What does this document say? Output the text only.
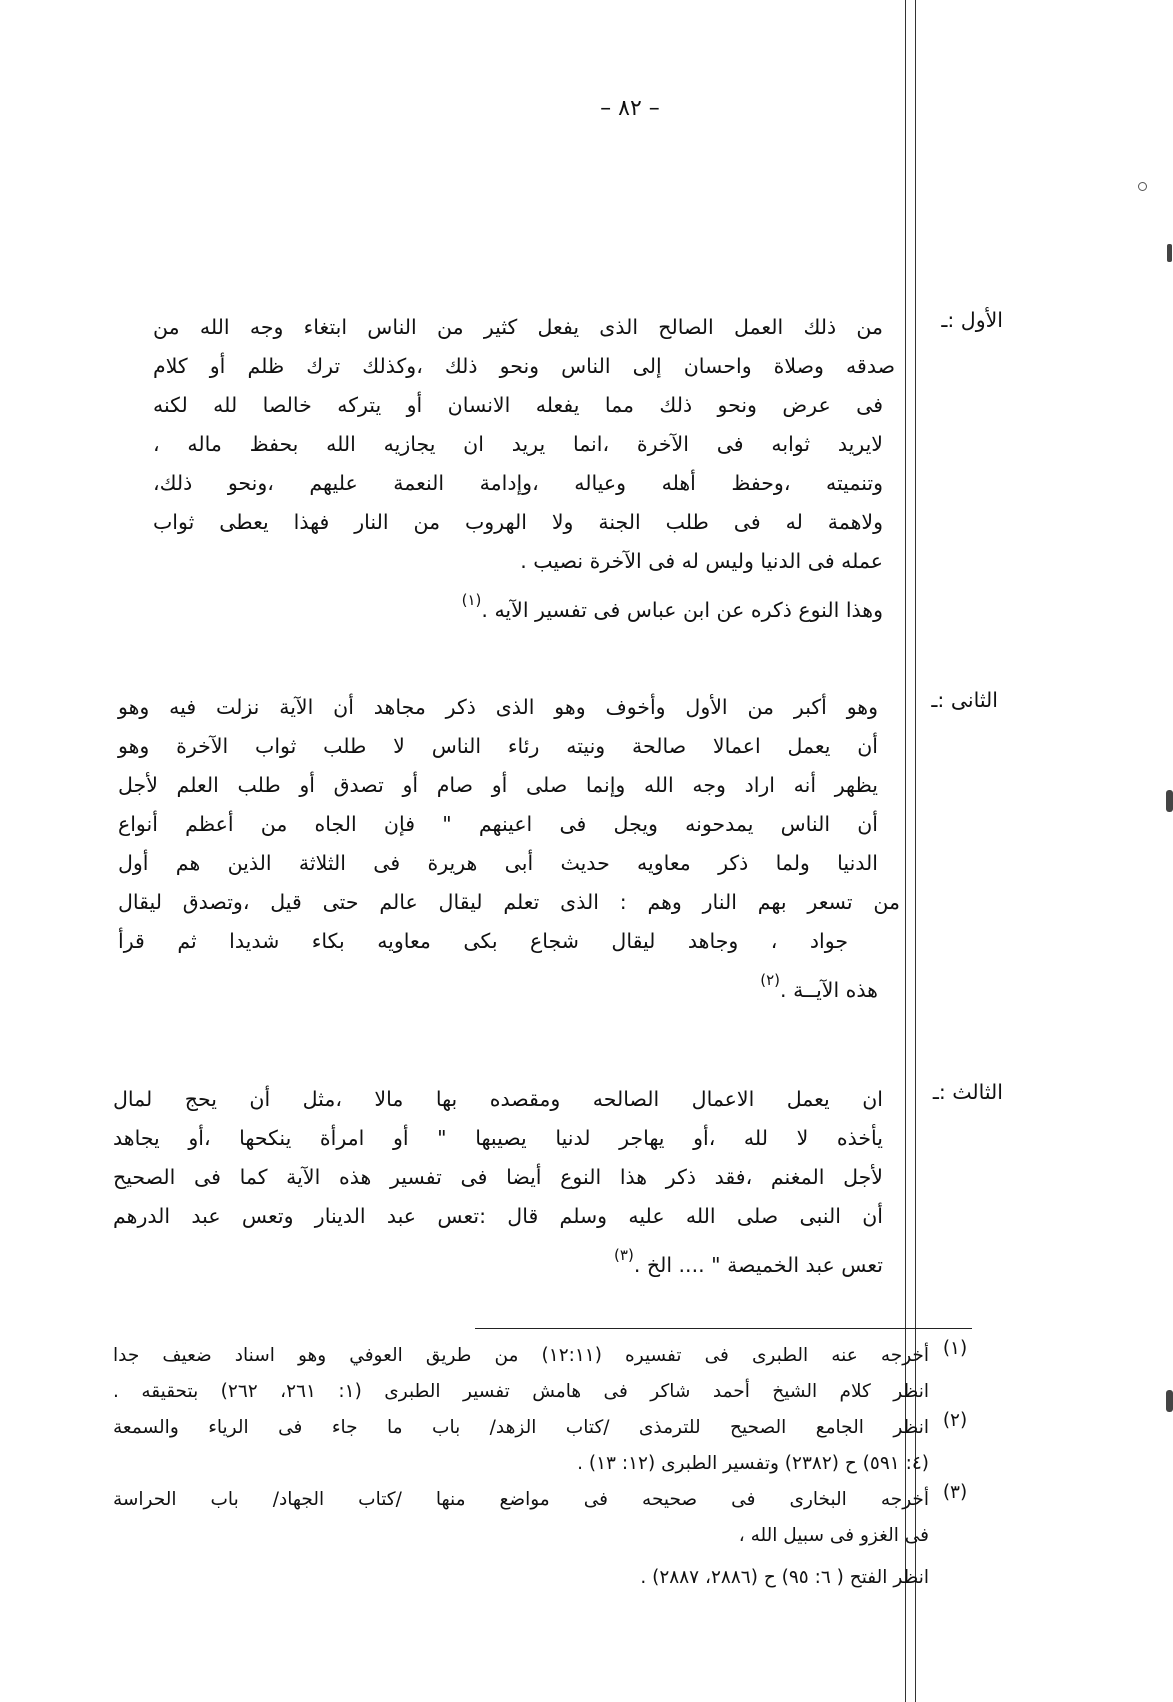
– ٨٢ –
الأول :ـ
من ذلك العمل الصالح الذى يفعل كثير من الناس ابتغاء وجه الله من
صدقه وصلاة واحسان إلى الناس ونحو ذلك ،وكذلك ترك ظلم أو كلام
فى عرض ونحو ذلك مما يفعله الانسان أو يتركه خالصا لله لكنه
لايريد ثوابه فى الآخرة ،انما يريد ان يجازيه الله بحفظ ماله ،
وتنميته ،وحفظ أهله وعياله ،وإدامة النعمة عليهم ،ونحو ذلك،
ولاهمة له فى طلب الجنة ولا الهروب من النار فهذا يعطى ثواب
عمله فى الدنيا وليس له فى الآخرة نصيب .
وهذا النوع ذكره عن ابن عباس فى تفسير الآيه .(١)
الثانى :ـ
وهو أكبر من الأول وأخوف وهو الذى ذكر مجاهد أن الآية نزلت فيه وهو
أن يعمل اعمالا صالحة ونيته رئاء الناس لا طلب ثواب الآخرة وهو
يظهر أنه اراد وجه الله وإنما صلى أو صام أو تصدق أو طلب العلم لأجل
أن الناس يمدحونه ويجل فى اعينهم " فإن الجاه من أعظم أنواع
الدنيا ولما ذكر معاويه حديث أبى هريرة فى الثلاثة الذين هم أول
من تسعر بهم النار وهم : الذى تعلم ليقال عالم حتى قيل ،وتصدق ليقال
جواد ، وجاهد ليقال شجاع بكى معاويه بكاء شديدا ثم قرأ
هذه الآيــة .(٢)
الثالث :ـ
ان يعمل الاعمال الصالحه ومقصده بها مالا ،مثل أن يحج لمال
يأخذه لا لله ،أو يهاجر لدنيا يصيبها " أو امرأة ينكحها ،أو يجاهد
لأجل المغنم ،فقد ذكر هذا النوع أيضا فى تفسير هذه الآية كما فى الصحيح
أن النبى صلى الله عليه وسلم قال :تعس عبد الدينار وتعس عبد الدرهم
تعس عبد الخميصة " .... الخ .(٣)
(١)
أخرجه عنه الطبرى فى تفسيره (١٢:١١) من طريق العوفي وهو اسناد ضعيف جدا
انظر كلام الشيخ أحمد شاكر فى هامش تفسير الطبرى (١: ٢٦١، ٢٦٢) بتحقيقه .
(٢)
انظر الجامع الصحيح للترمذى /كتاب الزهد/ باب ما جاء فى الرياء والسمعة
(٤: ٥٩١) ح (٢٣٨٢) وتفسير الطبرى (١٢: ١٣) .
(٣)
أخرجه البخارى فى صحيحه فى مواضع منها /كتاب الجهاد/ باب الحراسة
فى الغزو فى سبيل الله ،
انظر الفتح ( ٦: ٩٥) ح (٢٨٨٦، ٢٨٨٧) .
